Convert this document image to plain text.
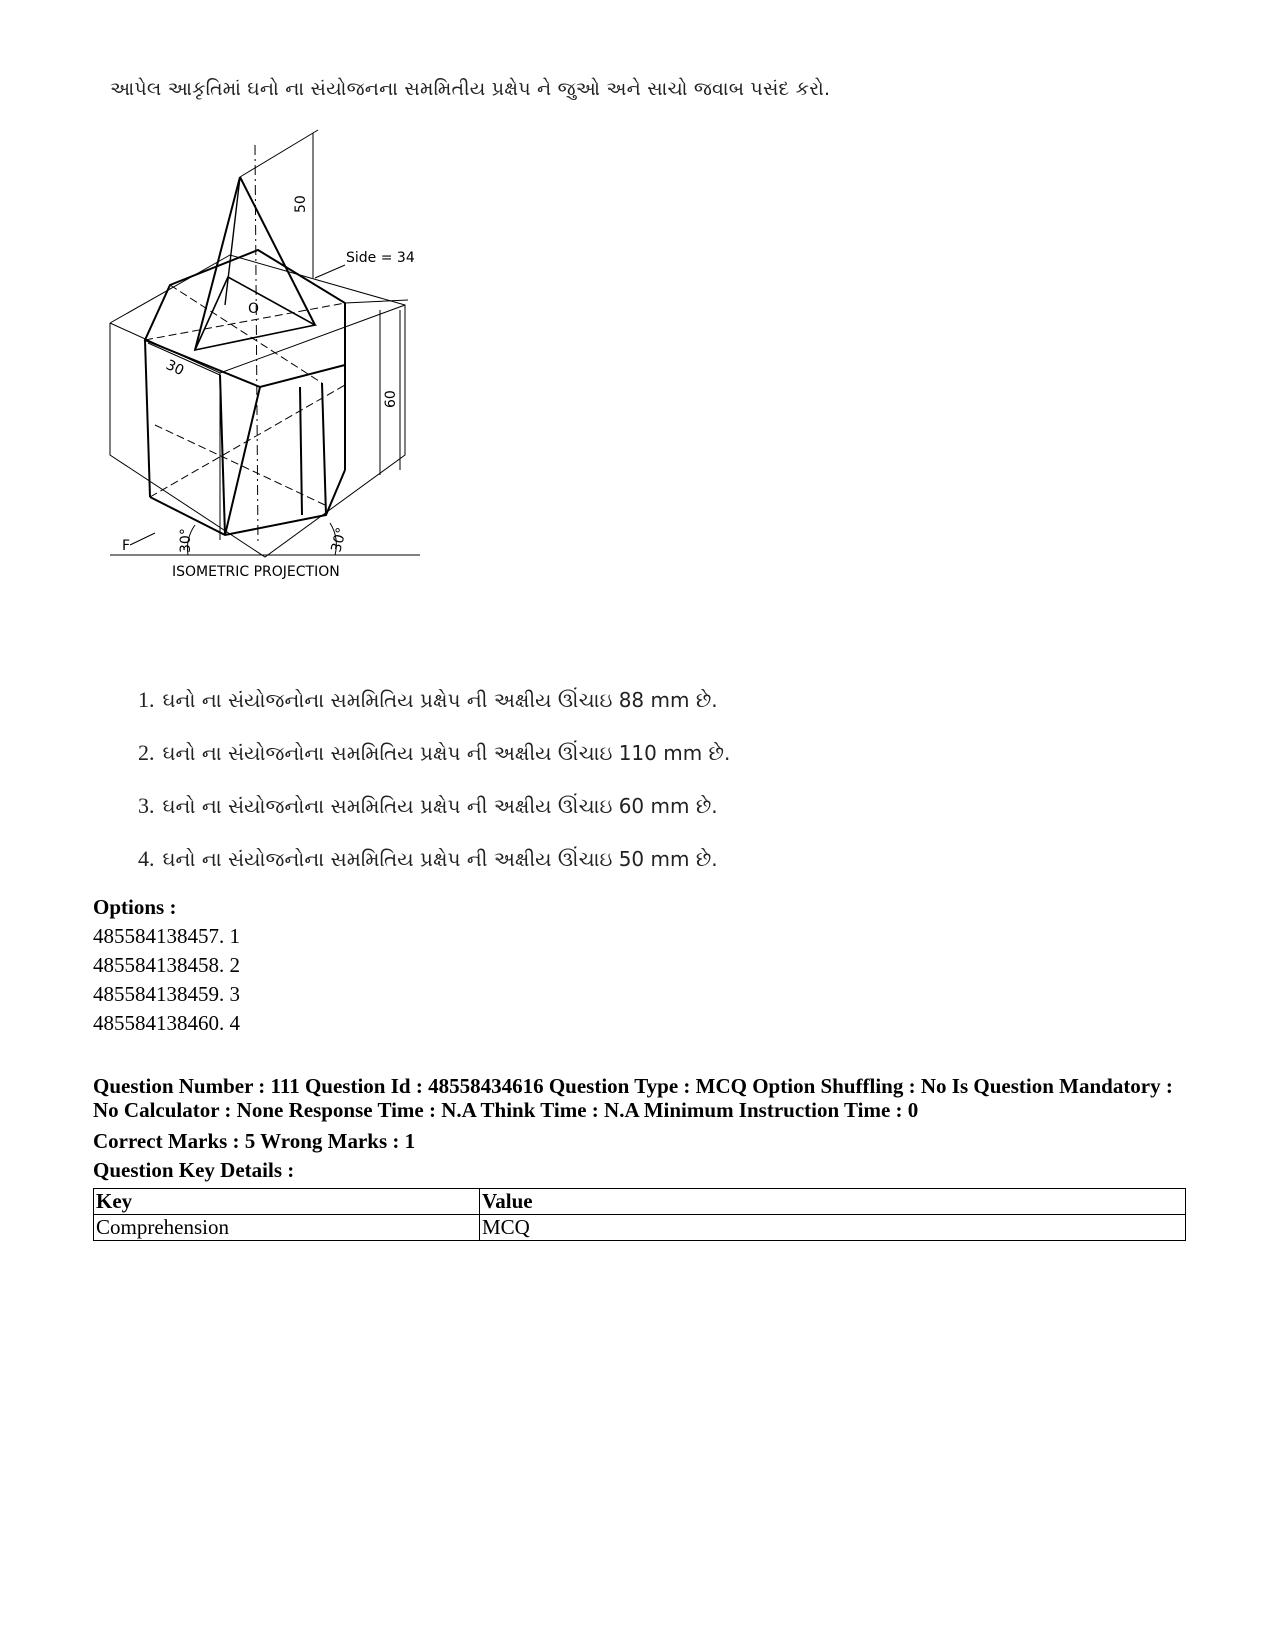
આપેલ આકૃતિમાં ઘનો ના સંયોજનના સમમિતીય પ્રક્ષેપ ને જુઓ અને સાચો જવાબ પસંદ કરો.
50
Side = 34
O
30
60
F	30°	30°
ISOMETRIC PROJECTION
1. ઘનો ના સંયોજનોના સમમિતિય પ્રક્ષેપ ની અક્ષીય ઊંચાઇ 88 mm છે.
2. ઘનો ના સંયોજનોના સમમિતિય પ્રક્ષેપ ની અક્ષીય ઊંચાઇ 110 mm છે.
3. ઘનો ના સંયોજનોના સમમિતિય પ્રક્ષેપ ની અક્ષીય ઊંચાઇ 60 mm છે.
4. ઘનો ના સંયોજનોના સમમિતિય પ્રક્ષેપ ની અક્ષીય ઊંચાઇ 50 mm છે.
Options :
485584138457. 1
485584138458. 2
485584138459. 3
485584138460. 4
Question Number : 111 Question Id : 48558434616 Question Type : MCQ Option Shuffling : No Is Question Mandatory :
No Calculator : None Response Time : N.A Think Time : N.A Minimum Instruction Time : 0
Correct Marks : 5 Wrong Marks : 1
Question Key Details :
Key	Value
Comprehension	MCQ
